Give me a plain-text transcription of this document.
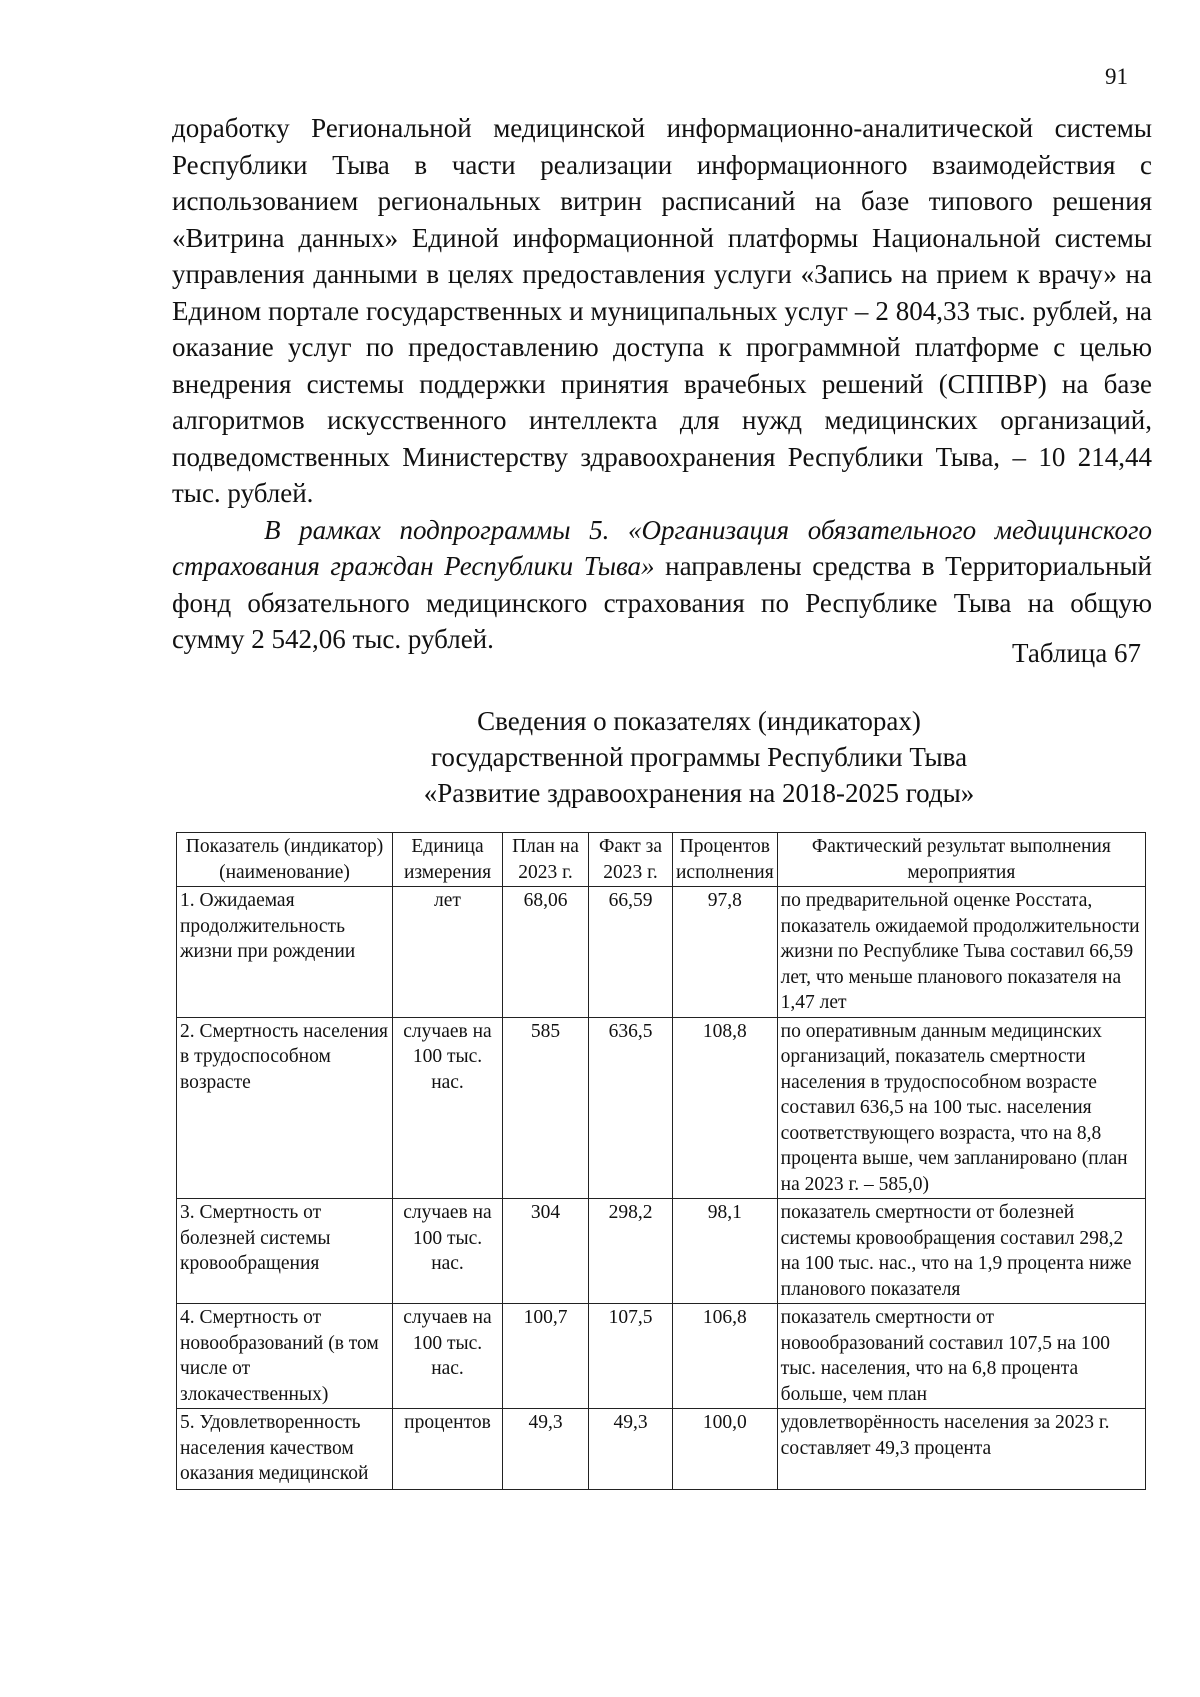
91

доработку Региональной медицинской информационно-аналитической системы Республики Тыва в части реализации информационного взаимодействия с использованием региональных витрин расписаний на базе типового решения «Витрина данных» Единой информационной платформы Национальной системы управления данными в целях предоставления услуги «Запись на прием к врачу» на Едином портале государственных и муниципальных услуг – 2 804,33 тыс. рублей, на оказание услуг по предоставлению доступа к программной платформе с целью внедрения системы поддержки принятия врачебных решений (СППВР) на базе алгоритмов искусственного интеллекта для нужд медицинских организаций, подведомственных Министерству здравоохранения Республики Тыва, – 10 214,44 тыс. рублей.

В рамках подпрограммы 5. «Организация обязательного медицинского страхования граждан Республики Тыва» направлены средства в Территориальный фонд обязательного медицинского страхования по Республике Тыва на общую сумму 2 542,06 тыс. рублей.	Таблица 67
Сведения о показателях (индикаторах)
государственной программы Республики Тыва
«Развитие здравоохранения на 2018-2025 годы»
Показатель (индикатор) (наименование)	Единица измерения	План на 2023 г.	Факт за 2023 г.	Процентов исполнения	Фактический результат выполнения мероприятия
1. Ожидаемая продолжительность жизни при рождении	лет	68,06	66,59	97,8	по предварительной оценке Росстата, показатель ожидаемой продолжительности жизни по Республике Тыва составил 66,59 лет, что меньше планового показателя на 1,47 лет
2. Смертность населения в трудоспособном возрасте	случаев на 100 тыс. нас.	585	636,5	108,8	по оперативным данным медицинских организаций, показатель смертности населения в трудоспособном возрасте составил 636,5 на 100 тыс. населения соответствующего возраста, что на 8,8 процента выше, чем запланировано (план на 2023 г. – 585,0)
3. Смертность от болезней системы кровообращения	случаев на 100 тыс. нас.	304	298,2	98,1	показатель смертности от болезней системы кровообращения составил 298,2 на 100 тыс. нас., что на 1,9 процента ниже планового показателя
4. Смертность от новообразований (в том числе от злокачественных)	случаев на 100 тыс. нас.	100,7	107,5	106,8	показатель смертности от новообразований составил 107,5 на 100 тыс. населения, что на 6,8 процента больше, чем план
5. Удовлетворенность населения качеством оказания медицинской	процентов	49,3	49,3	100,0	удовлетворённость населения за 2023 г. составляет 49,3 процента
